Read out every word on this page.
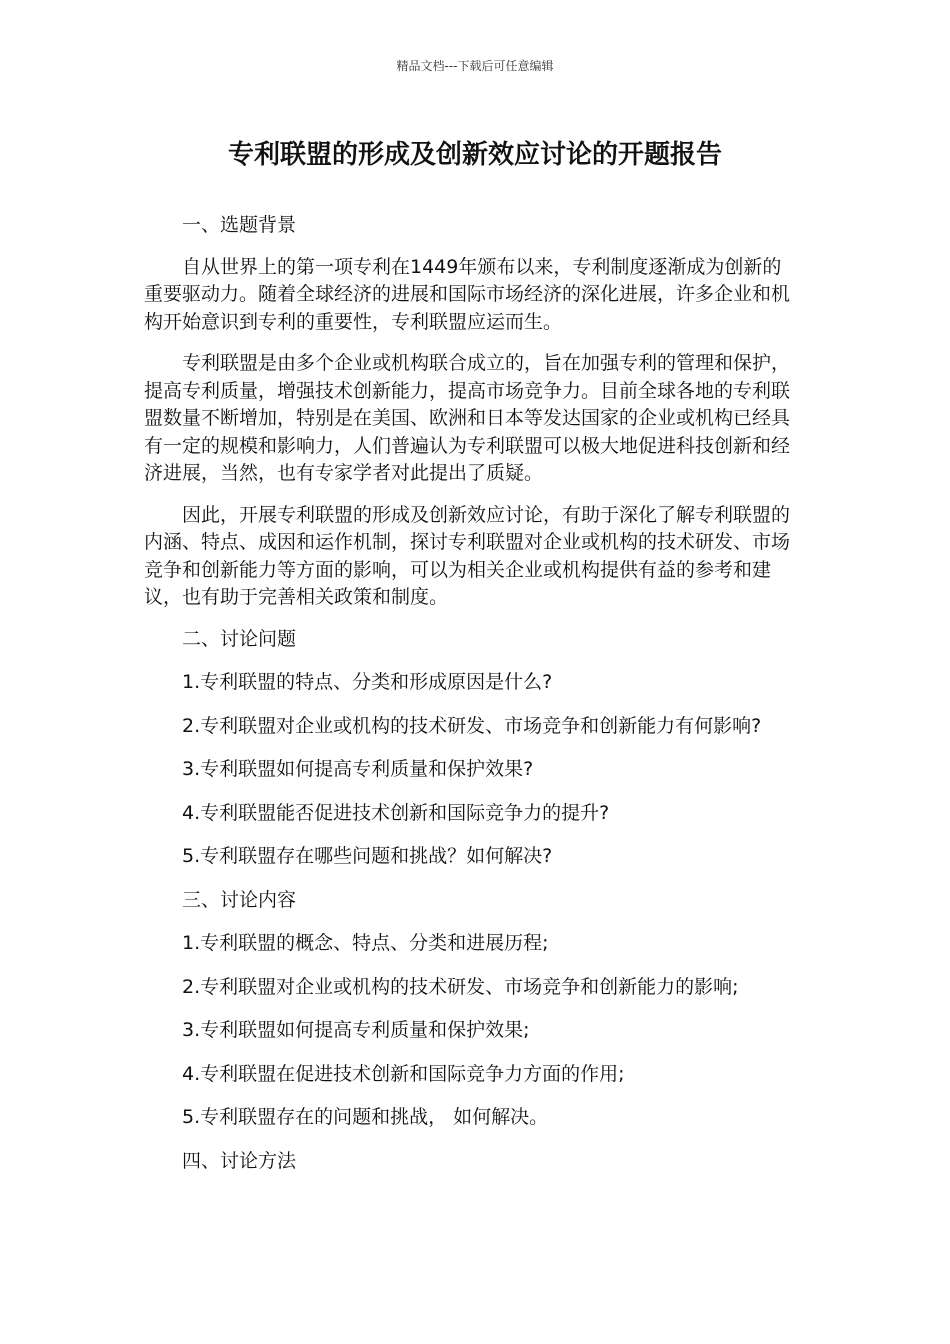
精品文档---下载后可任意编辑
专利联盟的形成及创新效应讨论的开题报告

一、选题背景

自从世界上的第一项专利在1449年颁布以来，专利制度逐渐成为创新的重要驱动力。随着全球经济的进展和国际市场经济的深化进展，许多企业和机构开始意识到专利的重要性，专利联盟应运而生。

专利联盟是由多个企业或机构联合成立的，旨在加强专利的管理和保护，提高专利质量，增强技术创新能力，提高市场竞争力。目前全球各地的专利联盟数量不断增加，特别是在美国、欧洲和日本等发达国家的企业或机构已经具有一定的规模和影响力，人们普遍认为专利联盟可以极大地促进科技创新和经济进展，当然，也有专家学者对此提出了质疑。

因此，开展专利联盟的形成及创新效应讨论，有助于深化了解专利联盟的内涵、特点、成因和运作机制，探讨专利联盟对企业或机构的技术研发、市场竞争和创新能力等方面的影响，可以为相关企业或机构提供有益的参考和建议，也有助于完善相关政策和制度。

二、讨论问题

1.专利联盟的特点、分类和形成原因是什么?

2.专利联盟对企业或机构的技术研发、市场竞争和创新能力有何影响?

3.专利联盟如何提高专利质量和保护效果?

4.专利联盟能否促进技术创新和国际竞争力的提升?

5.专利联盟存在哪些问题和挑战？如何解决?

三、讨论内容

1.专利联盟的概念、特点、分类和进展历程;

2.专利联盟对企业或机构的技术研发、市场竞争和创新能力的影响;

3.专利联盟如何提高专利质量和保护效果;

4.专利联盟在促进技术创新和国际竞争力方面的作用;

5.专利联盟存在的问题和挑战， 如何解决。

四、讨论方法
